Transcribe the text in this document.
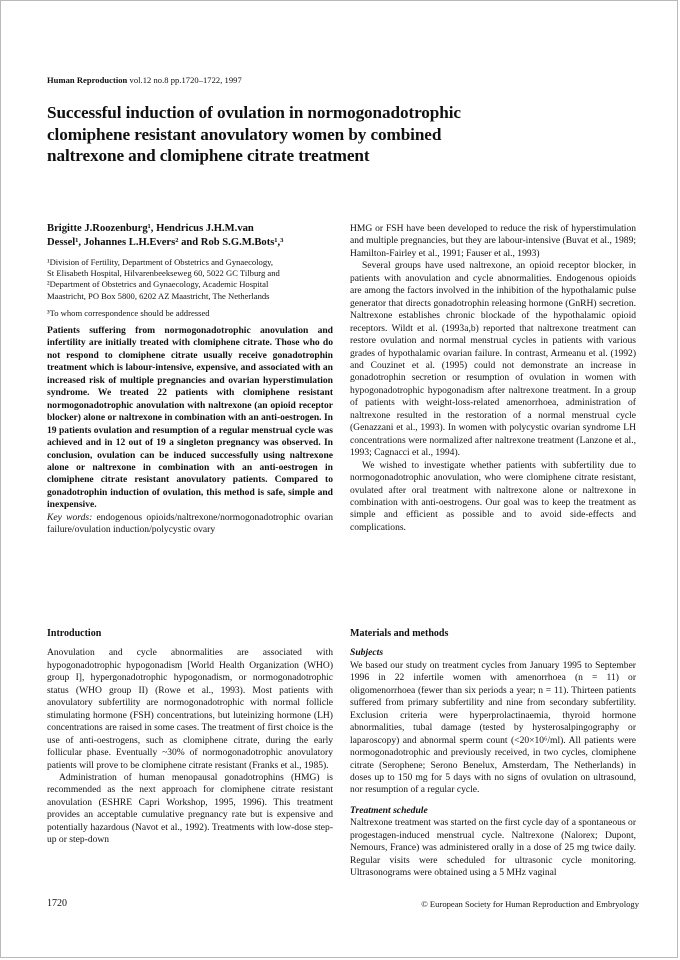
Human Reproduction vol.12 no.8 pp.1720–1722, 1997
Successful induction of ovulation in normogonadotrophic clomiphene resistant anovulatory women by combined naltrexone and clomiphene citrate treatment
Brigitte J.Roozenburg¹, Hendricus J.H.M.van
Dessel¹, Johannes L.H.Evers² and Rob S.G.M.Bots¹,³
¹Division of Fertility, Department of Obstetrics and Gynaecology,
St Elisabeth Hospital, Hilvarenbeekseweg 60, 5022 GC Tilburg and
²Department of Obstetrics and Gynaecology, Academic Hospital
Maastricht, PO Box 5800, 6202 AZ Maastricht, The Netherlands
³To whom correspondence should be addressed

Patients suffering from normogonadotrophic anovulation and infertility are initially treated with clomiphene citrate. Those who do not respond to clomiphene citrate usually receive gonadotrophin treatment which is labour-intensive, expensive, and associated with an increased risk of multiple pregnancies and ovarian hyperstimulation syndrome. We treated 22 patients with clomiphene resistant normogonadotrophic anovulation with naltrexone (an opioid receptor blocker) alone or naltrexone in combination with an anti-oestrogen. In 19 patients ovulation and resumption of a regular menstrual cycle was achieved and in 12 out of 19 a singleton pregnancy was observed. In conclusion, ovulation can be induced successfully using naltrexone alone or naltrexone in combination with an anti-oestrogen in clomiphene citrate resistant anovulatory patients. Compared to gonadotrophin induction of ovulation, this method is safe, simple and inexpensive.

Key words: endogenous opioids/naltrexone/normogonadotrophic ovarian failure/ovulation induction/polycystic ovary

Introduction

Anovulation and cycle abnormalities are associated with hypogonadotrophic hypogonadism [World Health Organization (WHO) group I], hypergonadotrophic hypogonadism, or normogonadotrophic status (WHO group II) (Rowe et al., 1993). Most patients with anovulatory subfertility are normogonadotrophic with normal follicle stimulating hormone (FSH) concentrations, but luteinizing hormone (LH) concentrations are raised in some cases. The treatment of first choice is the use of anti-oestrogens, such as clomiphene citrate, during the early follicular phase. Eventually ~30% of normogonadotrophic anovulatory patients will prove to be clomiphene citrate resistant (Franks et al., 1985).

Administration of human menopausal gonadotrophins (HMG) is recommended as the next approach for clomiphene citrate resistant anovulation (ESHRE Capri Workshop, 1995, 1996). This treatment provides an acceptable cumulative pregnancy rate but is expensive and potentially hazardous (Navot et al., 1992). Treatments with low-dose step-up or step-down

HMG or FSH have been developed to reduce the risk of hyperstimulation and multiple pregnancies, but they are labour-intensive (Buvat et al., 1989; Hamilton-Fairley et al., 1991; Fauser et al., 1993)

Several groups have used naltrexone, an opioid receptor blocker, in patients with anovulation and cycle abnormalities. Endogenous opioids are among the factors involved in the inhibition of the hypothalamic pulse generator that directs gonadotrophin releasing hormone (GnRH) secretion. Naltrexone establishes chronic blockade of the hypothalamic opioid receptors. Wildt et al. (1993a,b) reported that naltrexone treatment can restore ovulation and normal menstrual cycles in patients with various grades of hypothalamic ovarian failure. In contrast, Armeanu et al. (1992) and Couzinet et al. (1995) could not demonstrate an increase in gonadotrophin secretion or resumption of ovulation in women with hypogonadotrophic hypogonadism after naltrexone treatment. In a group of patients with weight-loss-related amenorrhoea, administration of naltrexone resulted in the restoration of a normal menstrual cycle (Genazzani et al., 1993). In women with polycystic ovarian syndrome LH concentrations were normalized after naltrexone treatment (Lanzone et al., 1993; Cagnacci et al., 1994).

We wished to investigate whether patients with subfertility due to normogonadotrophic anovulation, who were clomiphene citrate resistant, ovulated after oral treatment with naltrexone alone or naltrexone in combination with anti-oestrogens. Our goal was to keep the treatment as simple and efficient as possible and to avoid side-effects and complications.

Materials and methods

Subjects

We based our study on treatment cycles from January 1995 to September 1996 in 22 infertile women with amenorrhoea (n = 11) or oligomenorrhoea (fewer than six periods a year; n = 11). Thirteen patients suffered from primary subfertility and nine from secondary subfertility. Exclusion criteria were hyperprolactinaemia, thyroid hormone abnormalities, tubal damage (tested by hysterosalpingography or laparoscopy) and abnormal sperm count (<20×10⁶/ml). All patients were normogonadotrophic and previously received, in two cycles, clomiphene citrate (Serophene; Serono Benelux, Amsterdam, The Netherlands) in doses up to 150 mg for 5 days with no signs of ovulation on ultrasound, nor resumption of a regular cycle.

Treatment schedule

Naltrexone treatment was started on the first cycle day of a spontaneous or progestagen-induced menstrual cycle. Naltrexone (Nalorex; Dupont, Nemours, France) was administered orally in a dose of 25 mg twice daily. Regular visits were scheduled for ultrasonic cycle monitoring. Ultrasonograms were obtained using a 5 MHz vaginal

1720	© European Society for Human Reproduction and Embryology
